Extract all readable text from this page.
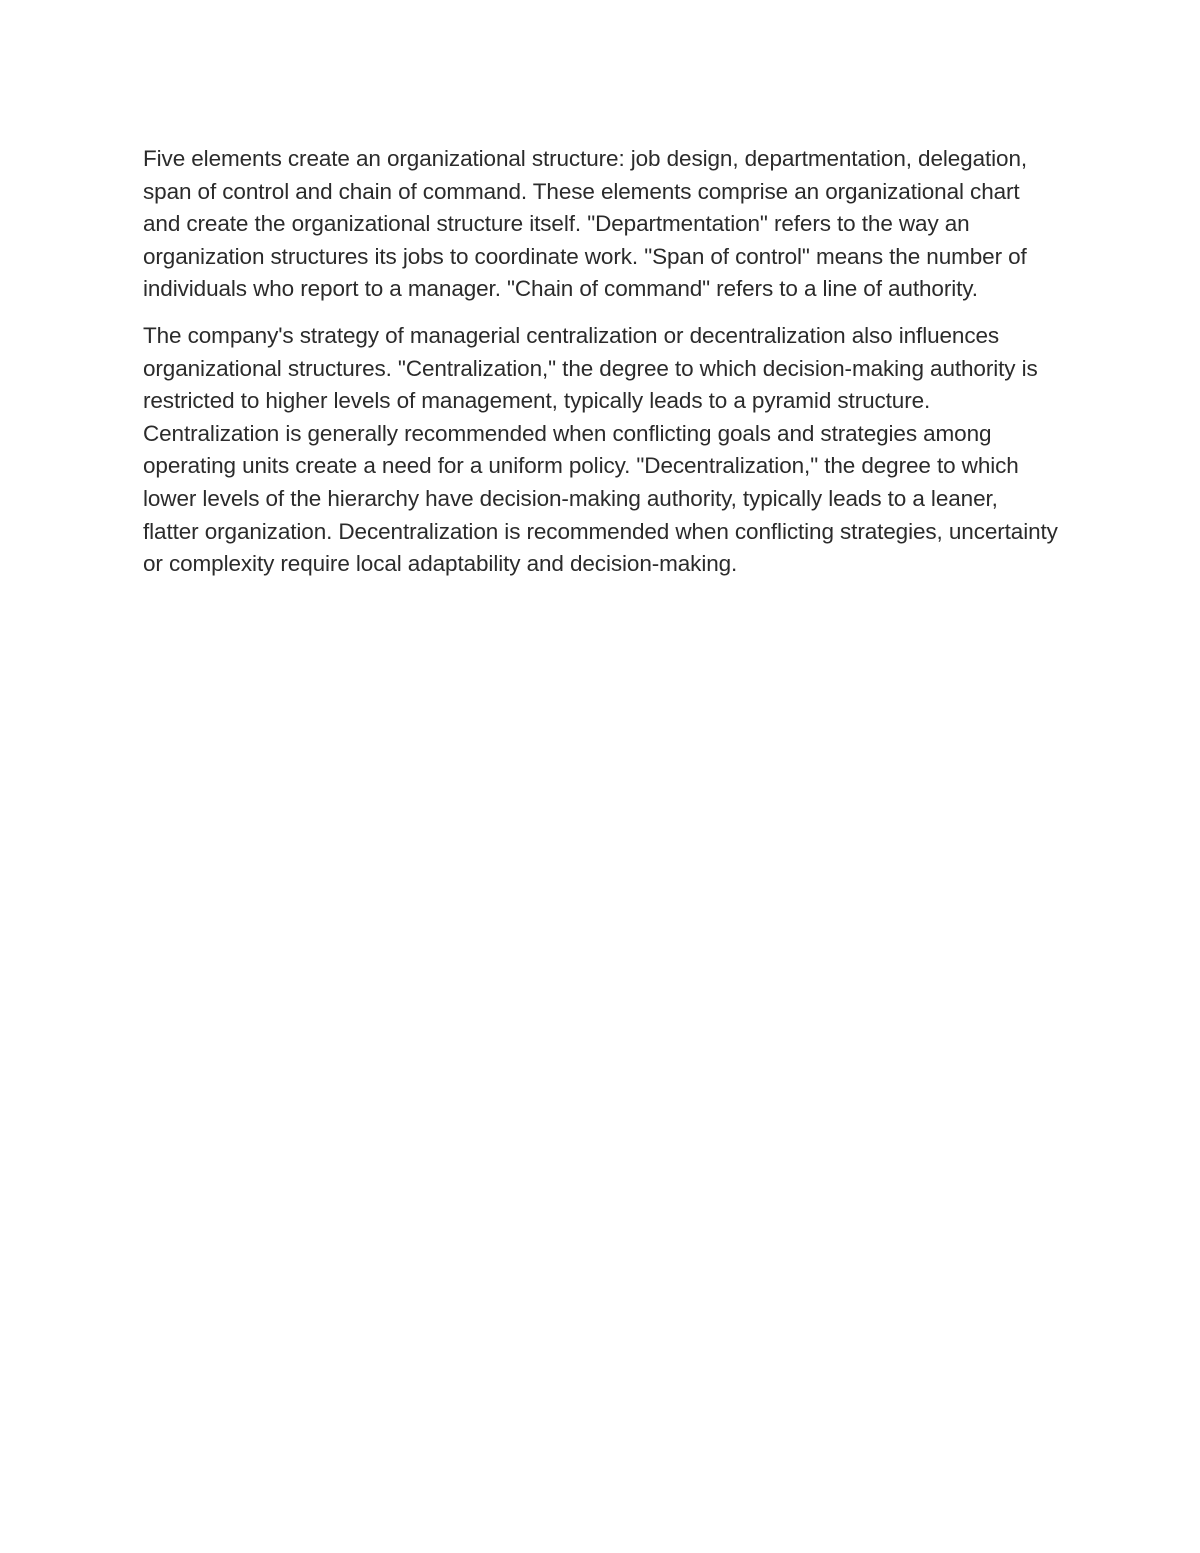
Five elements create an organizational structure: job design, departmentation, delegation, span of control and chain of command. These elements comprise an organizational chart and create the organizational structure itself. "Departmentation" refers to the way an organization structures its jobs to coordinate work. "Span of control" means the number of individuals who report to a manager. "Chain of command" refers to a line of authority.

The company's strategy of managerial centralization or decentralization also influences organizational structures. "Centralization," the degree to which decision-making authority is restricted to higher levels of management, typically leads to a pyramid structure. Centralization is generally recommended when conflicting goals and strategies among operating units create a need for a uniform policy. "Decentralization," the degree to which lower levels of the hierarchy have decision-making authority, typically leads to a leaner, flatter organization. Decentralization is recommended when conflicting strategies, uncertainty or complexity require local adaptability and decision-making.
